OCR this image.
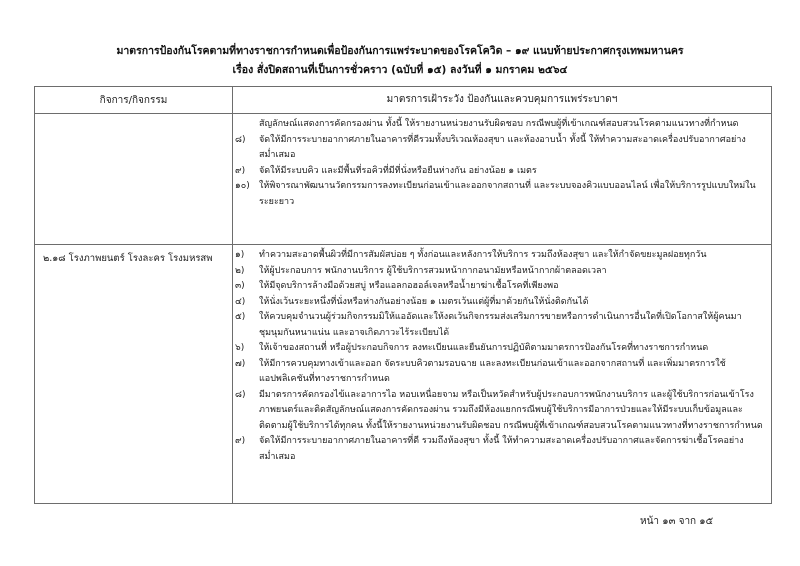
มาตรการป้องกันโรคตามที่ทางราชการกำหนดเพื่อป้องกันการแพร่ระบาดของโรคโควิด – ๑๙ แนบท้ายประกาศกรุงเทพมหานคร
เรื่อง สั่งปิดสถานที่เป็นการชั่วคราว (ฉบับที่ ๑๕) ลงวันที่ ๑ มกราคม ๒๕๖๔
กิจการ/กิจกรรม	มาตรการเฝ้าระวัง ป้องกันและควบคุมการแพร่ระบาดฯ
สัญลักษณ์แสดงการคัดกรองผ่าน ทั้งนี้ ให้รายงานหน่วยงานรับผิดชอบ กรณีพบผู้ที่เข้าเกณฑ์สอบสวนโรคตามแนวทางที่กำหนด
๘)	จัดให้มีการระบายอากาศภายในอาคารที่ดีรวมทั้งบริเวณห้องสุขา และห้องอาบน้ำ ทั้งนี้ ให้ทำความสะอาดเครื่องปรับอากาศอย่างสม่ำเสมอ
๙)	จัดให้มีระบบคิว และมีพื้นที่รอคิวที่มีที่นั่งหรือยืนห่างกัน อย่างน้อย ๑ เมตร
๑๐)	ให้พิจารณาพัฒนานวัตกรรมการลงทะเบียนก่อนเข้าและออกจากสถานที่ และระบบจองคิวแบบออนไลน์ เพื่อให้บริการรูปแบบใหม่ในระยะยาว
๒.๑๘ โรงภาพยนตร์ โรงละคร โรงมหรสพ	๑)	ทำความสะอาดพื้นผิวที่มีการสัมผัสบ่อย ๆ ทั้งก่อนและหลังการให้บริการ รวมถึงห้องสุขา และให้กำจัดขยะมูลฝอยทุกวัน
๒)	ให้ผู้ประกอบการ พนักงานบริการ ผู้ใช้บริการสวมหน้ากากอนามัยหรือหน้ากากผ้าตลอดเวลา
๓)	ให้มีจุดบริการล้างมือด้วยสบู่ หรือแอลกอฮอล์เจลหรือน้ำยาฆ่าเชื้อโรคที่เพียงพอ
๔)	ให้นั่งเว้นระยะหนึ่งที่นั่งหรือห่างกันอย่างน้อย ๑ เมตรเว้นแต่ผู้ที่มาด้วยกันให้นั่งติดกันได้
๕)	ให้ควบคุมจำนวนผู้ร่วมกิจกรรมมิให้แออัดและให้งดเว้นกิจกรรมส่งเสริมการขายหรือการดำเนินการอื่นใดที่เปิดโอกาสให้ผู้คนมาชุมนุมกันหนาแน่น และอาจเกิดภาวะไร้ระเบียบได้
๖)	ให้เจ้าของสถานที่ หรือผู้ประกอบกิจการ ลงทะเบียนและยืนยันการปฏิบัติตามมาตรการป้องกันโรคที่ทางราชการกำหนด
๗)	ให้มีการควบคุมทางเข้าและออก จัดระบบคิวตามรอบฉาย และลงทะเบียนก่อนเข้าและออกจากสถานที่ และเพิ่มมาตรการใช้แอปพลิเคชันที่ทางราชการกำหนด
๘)	มีมาตรการคัดกรองไข้และอาการไอ หอบเหนื่อยจาม หรือเป็นหวัดสำหรับผู้ประกอบการพนักงานบริการ และผู้ใช้บริการก่อนเข้าโรงภาพยนตร์และติดสัญลักษณ์แสดงการคัดกรองผ่าน รวมถึงมีห้องแยกกรณีพบผู้ใช้บริการมีอาการป่วยและให้มีระบบเก็บข้อมูลและติดตามผู้ใช้บริการได้ทุกคน ทั้งนี้ให้รายงานหน่วยงานรับผิดชอบ กรณีพบผู้ที่เข้าเกณฑ์สอบสวนโรคตามแนวทางที่ทางราชการกำหนด
๙)	จัดให้มีการระบายอากาศภายในอาคารที่ดี รวมถึงห้องสุขา ทั้งนี้ ให้ทำความสะอาดเครื่องปรับอากาศและจัดการฆ่าเชื้อโรคอย่างสม่ำเสมอ
หน้า ๑๓ จาก ๑๕
